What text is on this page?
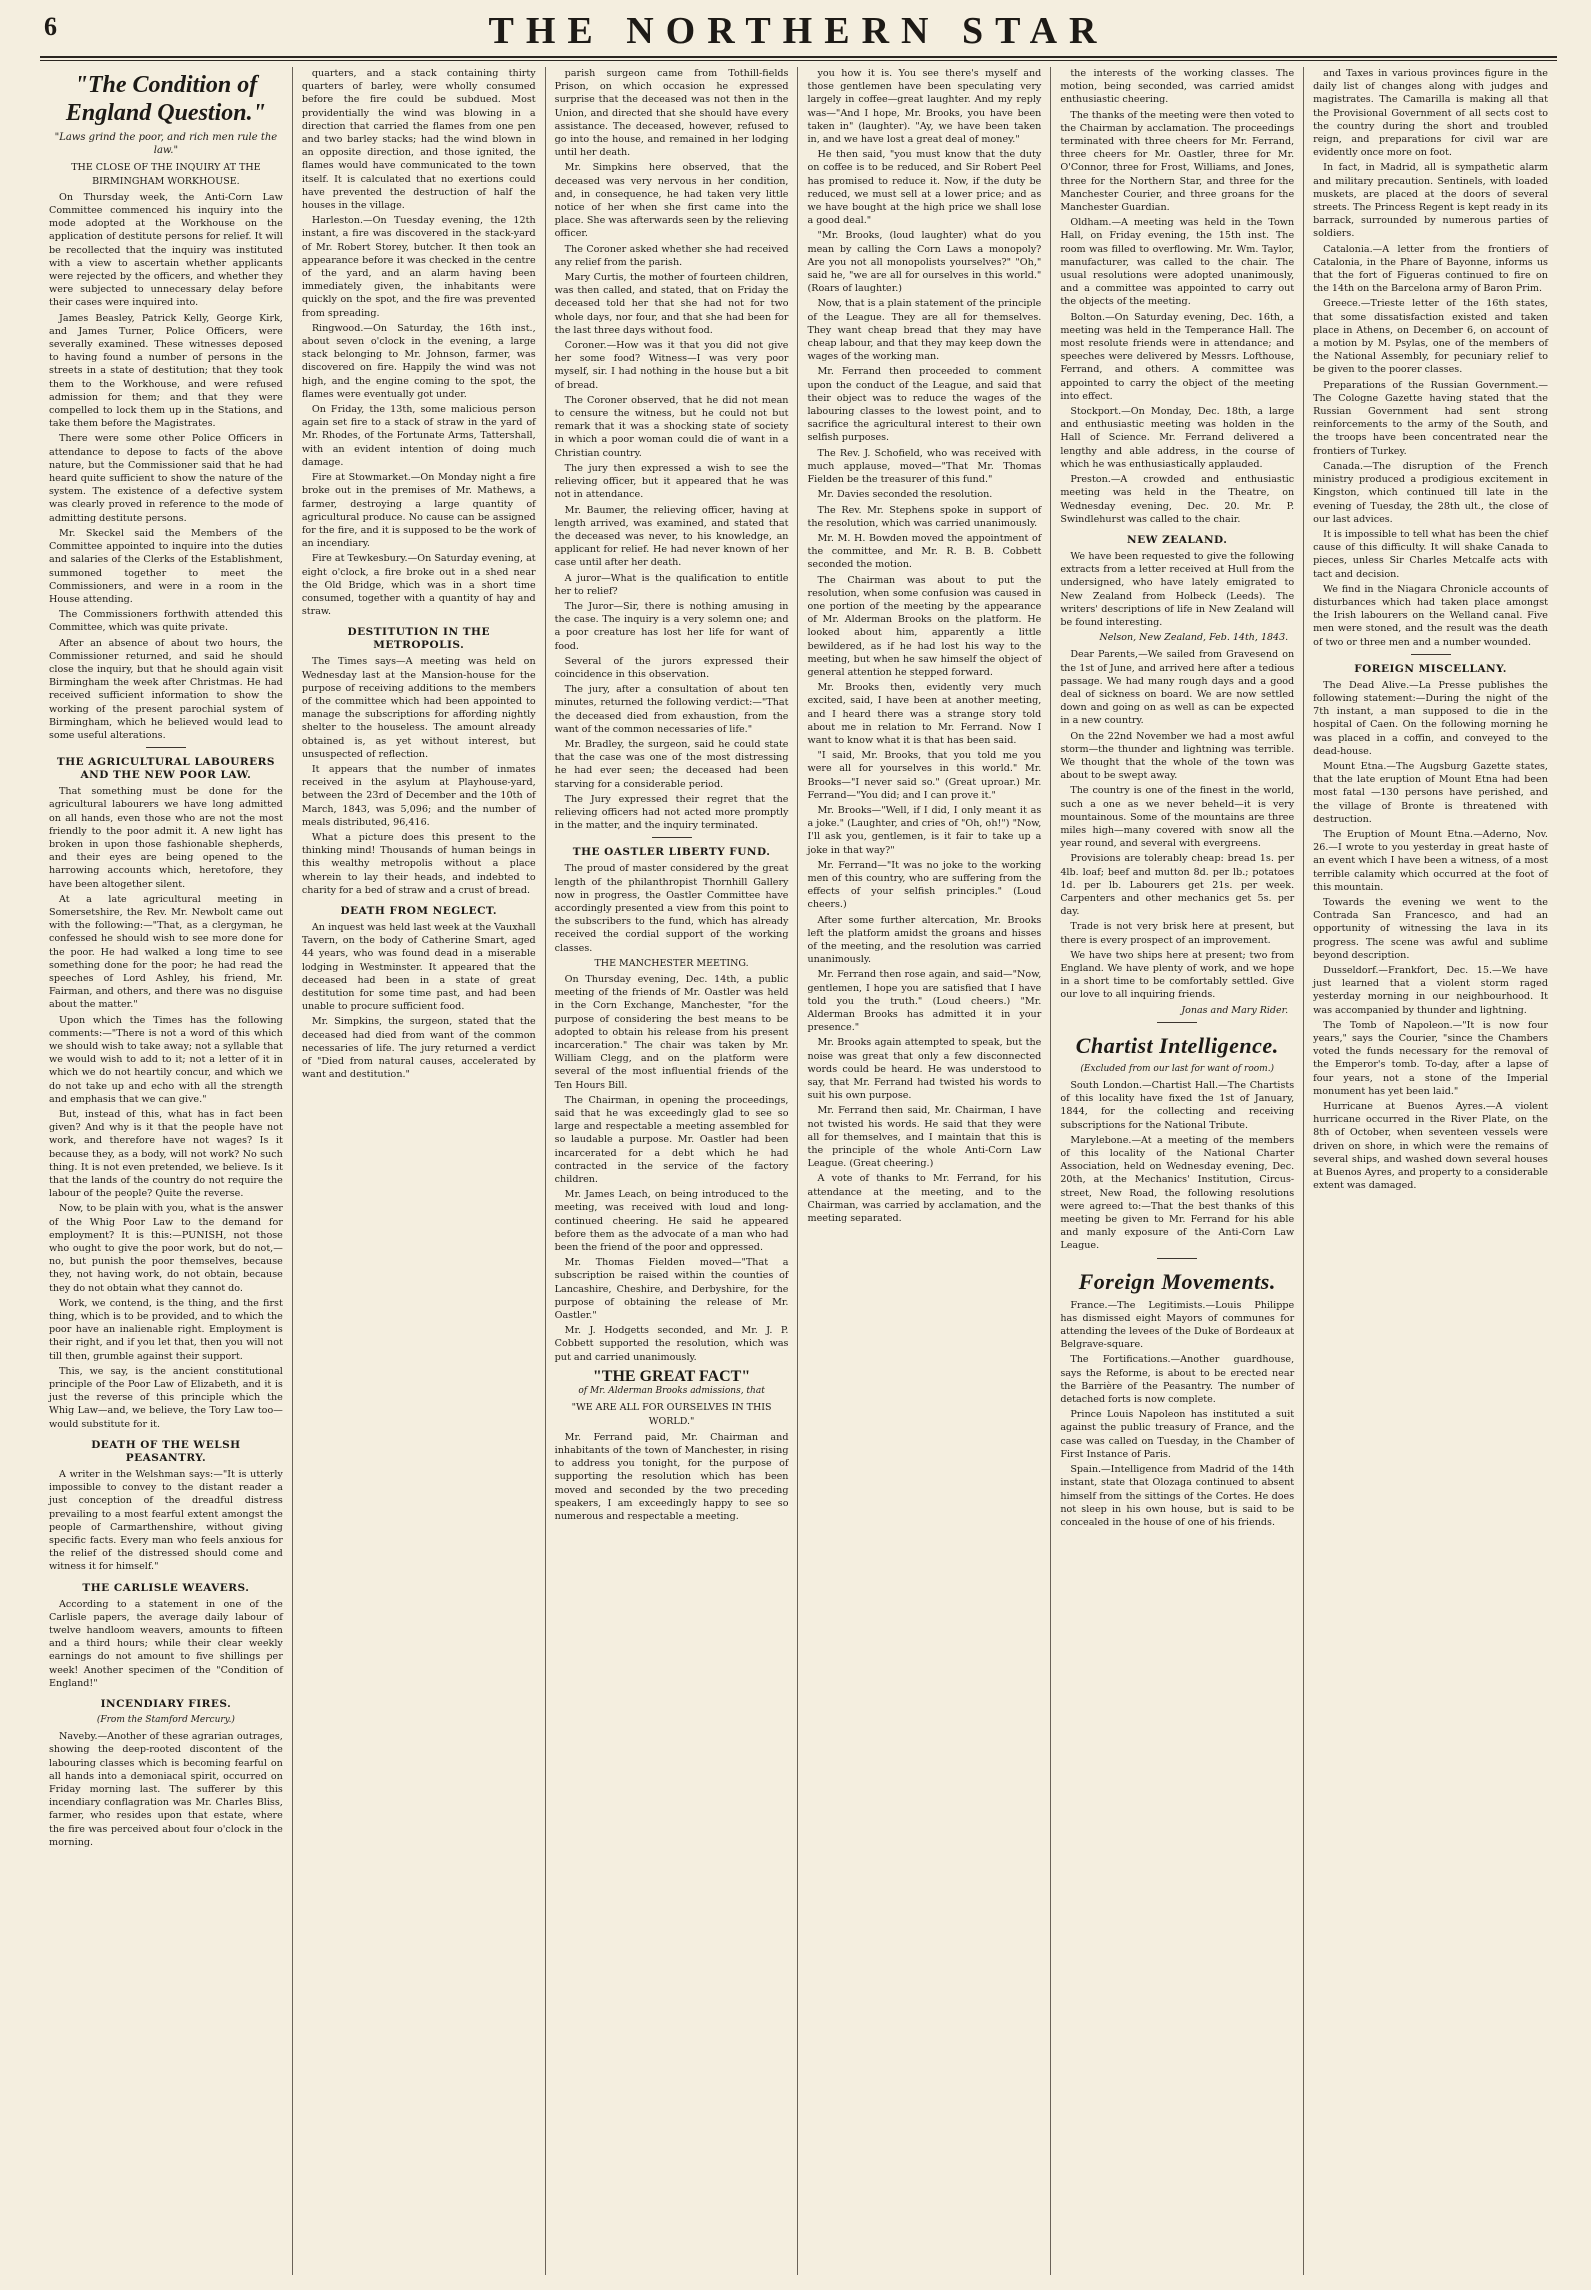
6	THE NORTHERN STAR
"The Condition of England Question."
"Laws grind the poor, and rich men rule the law."
THE CLOSE OF THE INQUIRY AT THE BIRMINGHAM WORKHOUSE.

On Thursday week, the Anti-Corn Law Committee commenced his inquiry into the mode adopted at the Workhouse on the application of destitute persons for relief. It will be recollected that the inquiry was instituted with a view to ascertain whether applicants were rejected by the officers, and whether they were subjected to unnecessary delay before their cases were inquired into.

James Beasley, Patrick Kelly, George Kirk, and James Turner, Police Officers, were severally examined. These witnesses deposed to having found a number of persons in the streets in a state of destitution; that they took them to the Workhouse, and were refused admission for them; and that they were compelled to lock them up in the Stations, and take them before the Magistrates.

There were some other Police Officers in attendance to depose to facts of the above nature, but the Commissioner said that he had heard quite sufficient to show the nature of the system. The existence of a defective system was clearly proved in reference to the mode of admitting destitute persons.

Mr. Skeckel said the Members of the Committee appointed to inquire into the duties and salaries of the Clerks of the Establishment, summoned together to meet the Commissioners, and were in a room in the House attending.

The Commissioners forthwith attended this Committee, which was quite private.

After an absence of about two hours, the Commissioner returned, and said he should close the inquiry, but that he should again visit Birmingham the week after Christmas. He had received sufficient information to show the working of the present parochial system of Birmingham, which he believed would lead to some useful alterations.

THE AGRICULTURAL LABOURERS AND THE NEW POOR LAW.

That something must be done for the agricultural labourers we have long admitted on all hands, even those who are not the most friendly to the poor admit it. A new light has broken in upon those fashionable shepherds, and their eyes are being opened to the harrowing accounts which, heretofore, they have been altogether silent.

At a late agricultural meeting in Somersetshire, the Rev. Mr. Newbolt came out with the following:—"That, as a clergyman, he confessed he should wish to see more done for the poor. He had walked a long time to see something done for the poor; he had read the speeches of Lord Ashley, his friend, Mr. Fairman, and others, and there was no disguise about the matter."

Upon which the Times has the following comments:—"There is not a word of this which we should wish to take away; not a syllable that we would wish to add to it; not a letter of it in which we do not heartily concur, and which we do not take up and echo with all the strength and emphasis that we can give."

But, instead of this, what has in fact been given? And why is it that the people have not work, and therefore have not wages? Is it because they, as a body, will not work? No such thing. It is not even pretended, we believe. Is it that the lands of the country do not require the labour of the people? Quite the reverse.

Now, to be plain with you, what is the answer of the Whig Poor Law to the demand for employment? It is this:—PUNISH, not those who ought to give the poor work, but do not,—no, but punish the poor themselves, because they, not having work, do not obtain, because they do not obtain what they cannot do.

Work, we contend, is the thing, and the first thing, which is to be provided, and to which the poor have an inalienable right. Employment is their right, and if you let that, then you will not till then, grumble against their support.

This, we say, is the ancient constitutional principle of the Poor Law of Elizabeth, and it is just the reverse of this principle which the Whig Law—and, we believe, the Tory Law too—would substitute for it.

DEATH OF THE WELSH PEASANTRY.

A writer in the Welshman says:—"It is utterly impossible to convey to the distant reader a just conception of the dreadful distress prevailing to a most fearful extent amongst the people of Carmarthenshire, without giving specific facts. Every man who feels anxious for the relief of the distressed should come and witness it for himself."

THE CARLISLE WEAVERS.

According to a statement in one of the Carlisle papers, the average daily labour of twelve handloom weavers, amounts to fifteen and a third hours; while their clear weekly earnings do not amount to five shillings per week! Another specimen of the "Condition of England!"

INCENDIARY FIRES.
(From the Stamford Mercury.)

Naveby.—Another of these agrarian outrages, showing the deep-rooted discontent of the labouring classes which is becoming fearful on all hands into a demoniacal spirit, occurred on Friday morning last. The sufferer by this incendiary conflagration was Mr. Charles Bliss, farmer, who resides upon that estate, where the fire was perceived about four o'clock in the morning.

quarters, and a stack containing thirty quarters of barley, were wholly consumed before the fire could be subdued. Most providentially the wind was blowing in a direction that carried the flames from one pen and two barley stacks; had the wind blown in an opposite direction, and those ignited, the flames would have communicated to the town itself. It is calculated that no exertions could have prevented the destruction of half the houses in the village.

Harleston.—On Tuesday evening, the 12th instant, a fire was discovered in the stack-yard of Mr. Robert Storey, butcher. It then took an appearance before it was checked in the centre of the yard, and an alarm having been immediately given, the inhabitants were quickly on the spot, and the fire was prevented from spreading.

Ringwood.—On Saturday, the 16th inst., about seven o'clock in the evening, a large stack belonging to Mr. Johnson, farmer, was discovered on fire. Happily the wind was not high, and the engine coming to the spot, the flames were eventually got under.

On Friday, the 13th, some malicious person again set fire to a stack of straw in the yard of Mr. Rhodes, of the Fortunate Arms, Tattershall, with an evident intention of doing much damage.

Fire at Stowmarket.—On Monday night a fire broke out in the premises of Mr. Mathews, a farmer, destroying a large quantity of agricultural produce. No cause can be assigned for the fire, and it is supposed to be the work of an incendiary.

Fire at Tewkesbury.—On Saturday evening, at eight o'clock, a fire broke out in a shed near the Old Bridge, which was in a short time consumed, together with a quantity of hay and straw.

DESTITUTION IN THE METROPOLIS.

The Times says—A meeting was held on Wednesday last at the Mansion-house for the purpose of receiving additions to the members of the committee which had been appointed to manage the subscriptions for affording nightly shelter to the houseless. The amount already obtained is, as yet without interest, but unsuspected of reflection.

It appears that the number of inmates received in the asylum at Playhouse-yard, between the 23rd of December and the 10th of March, 1843, was 5,096; and the number of meals distributed, 96,416.

What a picture does this present to the thinking mind! Thousands of human beings in this wealthy metropolis without a place wherein to lay their heads, and indebted to charity for a bed of straw and a crust of bread.

DEATH FROM NEGLECT.

An inquest was held last week at the Vauxhall Tavern, on the body of Catherine Smart, aged 44 years, who was found dead in a miserable lodging in Westminster. It appeared that the deceased had been in a state of great destitution for some time past, and had been unable to procure sufficient food.

Mr. Simpkins, the surgeon, stated that the deceased had died from want of the common necessaries of life. The jury returned a verdict of "Died from natural causes, accelerated by want and destitution."

parish surgeon came from Tothill-fields Prison, on which occasion he expressed surprise that the deceased was not then in the Union, and directed that she should have every assistance. The deceased, however, refused to go into the house, and remained in her lodging until her death.

Mr. Simpkins here observed, that the deceased was very nervous in her condition, and, in consequence, he had taken very little notice of her when she first came into the place. She was afterwards seen by the relieving officer.

The Coroner asked whether she had received any relief from the parish.

Mary Curtis, the mother of fourteen children, was then called, and stated, that on Friday the deceased told her that she had not for two whole days, nor four, and that she had been for the last three days without food.

Coroner.—How was it that you did not give her some food? Witness—I was very poor myself, sir. I had nothing in the house but a bit of bread.

The Coroner observed, that he did not mean to censure the witness, but he could not but remark that it was a shocking state of society in which a poor woman could die of want in a Christian country.

The jury then expressed a wish to see the relieving officer, but it appeared that he was not in attendance.

Mr. Baumer, the relieving officer, having at length arrived, was examined, and stated that the deceased was never, to his knowledge, an applicant for relief. He had never known of her case until after her death.

A juror—What is the qualification to entitle her to relief?

The Juror—Sir, there is nothing amusing in the case. The inquiry is a very solemn one; and a poor creature has lost her life for want of food.

Several of the jurors expressed their coincidence in this observation.

The jury, after a consultation of about ten minutes, returned the following verdict:—"That the deceased died from exhaustion, from the want of the common necessaries of life."

Mr. Bradley, the surgeon, said he could state that the case was one of the most distressing he had ever seen; the deceased had been starving for a considerable period.

The Jury expressed their regret that the relieving officers had not acted more promptly in the matter, and the inquiry terminated.

THE OASTLER LIBERTY FUND.

The proud of master considered by the great length of the philanthropist Thornhill Gallery now in progress, the Oastler Committee have accordingly presented a view from this point to the subscribers to the fund, which has already received the cordial support of the working classes.

THE MANCHESTER MEETING.

On Thursday evening, Dec. 14th, a public meeting of the friends of Mr. Oastler was held in the Corn Exchange, Manchester, "for the purpose of considering the best means to be adopted to obtain his release from his present incarceration." The chair was taken by Mr. William Clegg, and on the platform were several of the most influential friends of the Ten Hours Bill.

The Chairman, in opening the proceedings, said that he was exceedingly glad to see so large and respectable a meeting assembled for so laudable a purpose. Mr. Oastler had been incarcerated for a debt which he had contracted in the service of the factory children.

Mr. James Leach, on being introduced to the meeting, was received with loud and long-continued cheering. He said he appeared before them as the advocate of a man who had been the friend of the poor and oppressed.

Mr. Thomas Fielden moved—"That a subscription be raised within the counties of Lancashire, Cheshire, and Derbyshire, for the purpose of obtaining the release of Mr. Oastler."

Mr. J. Hodgetts seconded, and Mr. J. P. Cobbett supported the resolution, which was put and carried unanimously.

"THE GREAT FACT"
of Mr. Alderman Brooks admissions, that
"WE ARE ALL FOR OURSELVES IN THIS WORLD."

Mr. Ferrand paid, Mr. Chairman and inhabitants of the town of Manchester, in rising to address you tonight, for the purpose of supporting the resolution which has been moved and seconded by the two preceding speakers, I am exceedingly happy to see so numerous and respectable a meeting.

you how it is. You see there's myself and those gentlemen have been speculating very largely in coffee—great laughter. And my reply was—"And I hope, Mr. Brooks, you have been taken in" (laughter). "Ay, we have been taken in, and we have lost a great deal of money."

He then said, "you must know that the duty on coffee is to be reduced, and Sir Robert Peel has promised to reduce it. Now, if the duty be reduced, we must sell at a lower price; and as we have bought at the high price we shall lose a good deal."

"Mr. Brooks, (loud laughter) what do you mean by calling the Corn Laws a monopoly? Are you not all monopolists yourselves?" "Oh," said he, "we are all for ourselves in this world." (Roars of laughter.)

Now, that is a plain statement of the principle of the League. They are all for themselves. They want cheap bread that they may have cheap labour, and that they may keep down the wages of the working man.

Mr. Ferrand then proceeded to comment upon the conduct of the League, and said that their object was to reduce the wages of the labouring classes to the lowest point, and to sacrifice the agricultural interest to their own selfish purposes.

The Rev. J. Schofield, who was received with much applause, moved—"That Mr. Thomas Fielden be the treasurer of this fund."

Mr. Davies seconded the resolution.

The Rev. Mr. Stephens spoke in support of the resolution, which was carried unanimously.

Mr. M. H. Bowden moved the appointment of the committee, and Mr. R. B. B. Cobbett seconded the motion.

The Chairman was about to put the resolution, when some confusion was caused in one portion of the meeting by the appearance of Mr. Alderman Brooks on the platform. He looked about him, apparently a little bewildered, as if he had lost his way to the meeting, but when he saw himself the object of general attention he stepped forward.

Mr. Brooks then, evidently very much excited, said, I have been at another meeting, and I heard there was a strange story told about me in relation to Mr. Ferrand. Now I want to know what it is that has been said.

"I said, Mr. Brooks, that you told me you were all for yourselves in this world." Mr. Brooks—"I never said so." (Great uproar.) Mr. Ferrand—"You did; and I can prove it."

Mr. Brooks—"Well, if I did, I only meant it as a joke." (Laughter, and cries of "Oh, oh!") "Now, I'll ask you, gentlemen, is it fair to take up a joke in that way?"

Mr. Ferrand—"It was no joke to the working men of this country, who are suffering from the effects of your selfish principles." (Loud cheers.)

After some further altercation, Mr. Brooks left the platform amidst the groans and hisses of the meeting, and the resolution was carried unanimously.

Mr. Ferrand then rose again, and said—"Now, gentlemen, I hope you are satisfied that I have told you the truth." (Loud cheers.) "Mr. Alderman Brooks has admitted it in your presence."

Mr. Brooks again attempted to speak, but the noise was great that only a few disconnected words could be heard. He was understood to say, that Mr. Ferrand had twisted his words to suit his own purpose.

Mr. Ferrand then said, Mr. Chairman, I have not twisted his words. He said that they were all for themselves, and I maintain that this is the principle of the whole Anti-Corn Law League. (Great cheering.)

A vote of thanks to Mr. Ferrand, for his attendance at the meeting, and to the Chairman, was carried by acclamation, and the meeting separated.

the interests of the working classes. The motion, being seconded, was carried amidst enthusiastic cheering.

The thanks of the meeting were then voted to the Chairman by acclamation. The proceedings terminated with three cheers for Mr. Ferrand, three cheers for Mr. Oastler, three for Mr. O'Connor, three for Frost, Williams, and Jones, three for the Northern Star, and three for the Manchester Courier, and three groans for the Manchester Guardian.

Oldham.—A meeting was held in the Town Hall, on Friday evening, the 15th inst. The room was filled to overflowing. Mr. Wm. Taylor, manufacturer, was called to the chair. The usual resolutions were adopted unanimously, and a committee was appointed to carry out the objects of the meeting.

Bolton.—On Saturday evening, Dec. 16th, a meeting was held in the Temperance Hall. The most resolute friends were in attendance; and speeches were delivered by Messrs. Lofthouse, Ferrand, and others. A committee was appointed to carry the object of the meeting into effect.

Stockport.—On Monday, Dec. 18th, a large and enthusiastic meeting was holden in the Hall of Science. Mr. Ferrand delivered a lengthy and able address, in the course of which he was enthusiastically applauded.

Preston.—A crowded and enthusiastic meeting was held in the Theatre, on Wednesday evening, Dec. 20. Mr. P. Swindlehurst was called to the chair.

NEW ZEALAND.

We have been requested to give the following extracts from a letter received at Hull from the undersigned, who have lately emigrated to New Zealand from Holbeck (Leeds). The writers' descriptions of life in New Zealand will be found interesting.

Nelson, New Zealand, Feb. 14th, 1843.

Dear Parents,—We sailed from Gravesend on the 1st of June, and arrived here after a tedious passage. We had many rough days and a good deal of sickness on board. We are now settled down and going on as well as can be expected in a new country.

On the 22nd November we had a most awful storm—the thunder and lightning was terrible. We thought that the whole of the town was about to be swept away.

The country is one of the finest in the world, such a one as we never beheld—it is very mountainous. Some of the mountains are three miles high—many covered with snow all the year round, and several with evergreens.

Provisions are tolerably cheap: bread 1s. per 4lb. loaf; beef and mutton 8d. per lb.; potatoes 1d. per lb. Labourers get 21s. per week. Carpenters and other mechanics get 5s. per day.

Trade is not very brisk here at present, but there is every prospect of an improvement.

We have two ships here at present; two from England. We have plenty of work, and we hope in a short time to be comfortably settled. Give our love to all inquiring friends.

Jonas and Mary Rider.
Chartist Intelligence.
(Excluded from our last for want of room.)

South London.—Chartist Hall.—The Chartists of this locality have fixed the 1st of January, 1844, for the collecting and receiving subscriptions for the National Tribute.

Marylebone.—At a meeting of the members of this locality of the National Charter Association, held on Wednesday evening, Dec. 20th, at the Mechanics' Institution, Circus-street, New Road, the following resolutions were agreed to:—That the best thanks of this meeting be given to Mr. Ferrand for his able and manly exposure of the Anti-Corn Law League.

Foreign Movements.

France.—The Legitimists.—Louis Philippe has dismissed eight Mayors of communes for attending the levees of the Duke of Bordeaux at Belgrave-square.

The Fortifications.—Another guardhouse, says the Reforme, is about to be erected near the Barrière of the Peasantry. The number of detached forts is now complete.

Prince Louis Napoleon has instituted a suit against the public treasury of France, and the case was called on Tuesday, in the Chamber of First Instance of Paris.

Spain.—Intelligence from Madrid of the 14th instant, state that Olozaga continued to absent himself from the sittings of the Cortes. He does not sleep in his own house, but is said to be concealed in the house of one of his friends.

and Taxes in various provinces figure in the daily list of changes along with judges and magistrates. The Camarilla is making all that the Provisional Government of all sects cost to the country during the short and troubled reign, and preparations for civil war are evidently once more on foot.

In fact, in Madrid, all is sympathetic alarm and military precaution. Sentinels, with loaded muskets, are placed at the doors of several streets. The Princess Regent is kept ready in its barrack, surrounded by numerous parties of soldiers.

Catalonia.—A letter from the frontiers of Catalonia, in the Phare of Bayonne, informs us that the fort of Figueras continued to fire on the 14th on the Barcelona army of Baron Prim.

Greece.—Trieste letter of the 16th states, that some dissatisfaction existed and taken place in Athens, on December 6, on account of a motion by M. Psylas, one of the members of the National Assembly, for pecuniary relief to be given to the poorer classes.

Preparations of the Russian Government.—The Cologne Gazette having stated that the Russian Government had sent strong reinforcements to the army of the South, and the troops have been concentrated near the frontiers of Turkey.

Canada.—The disruption of the French ministry produced a prodigious excitement in Kingston, which continued till late in the evening of Tuesday, the 28th ult., the close of our last advices.

It is impossible to tell what has been the chief cause of this difficulty. It will shake Canada to pieces, unless Sir Charles Metcalfe acts with tact and decision.

We find in the Niagara Chronicle accounts of disturbances which had taken place amongst the Irish labourers on the Welland canal. Five men were stoned, and the result was the death of two or three men and a number wounded.

FOREIGN MISCELLANY.

The Dead Alive.—La Presse publishes the following statement:—During the night of the 7th instant, a man supposed to die in the hospital of Caen. On the following morning he was placed in a coffin, and conveyed to the dead-house.

Mount Etna.—The Augsburg Gazette states, that the late eruption of Mount Etna had been most fatal —130 persons have perished, and the village of Bronte is threatened with destruction.

The Eruption of Mount Etna.—Aderno, Nov. 26.—I wrote to you yesterday in great haste of an event which I have been a witness, of a most terrible calamity which occurred at the foot of this mountain.

Towards the evening we went to the Contrada San Francesco, and had an opportunity of witnessing the lava in its progress. The scene was awful and sublime beyond description.

Dusseldorf.—Frankfort, Dec. 15.—We have just learned that a violent storm raged yesterday morning in our neighbourhood. It was accompanied by thunder and lightning.

The Tomb of Napoleon.—"It is now four years," says the Courier, "since the Chambers voted the funds necessary for the removal of the Emperor's tomb. To-day, after a lapse of four years, not a stone of the Imperial monument has yet been laid."

Hurricane at Buenos Ayres.—A violent hurricane occurred in the River Plate, on the 8th of October, when seventeen vessels were driven on shore, in which were the remains of several ships, and washed down several houses at Buenos Ayres, and property to a considerable extent was damaged.
